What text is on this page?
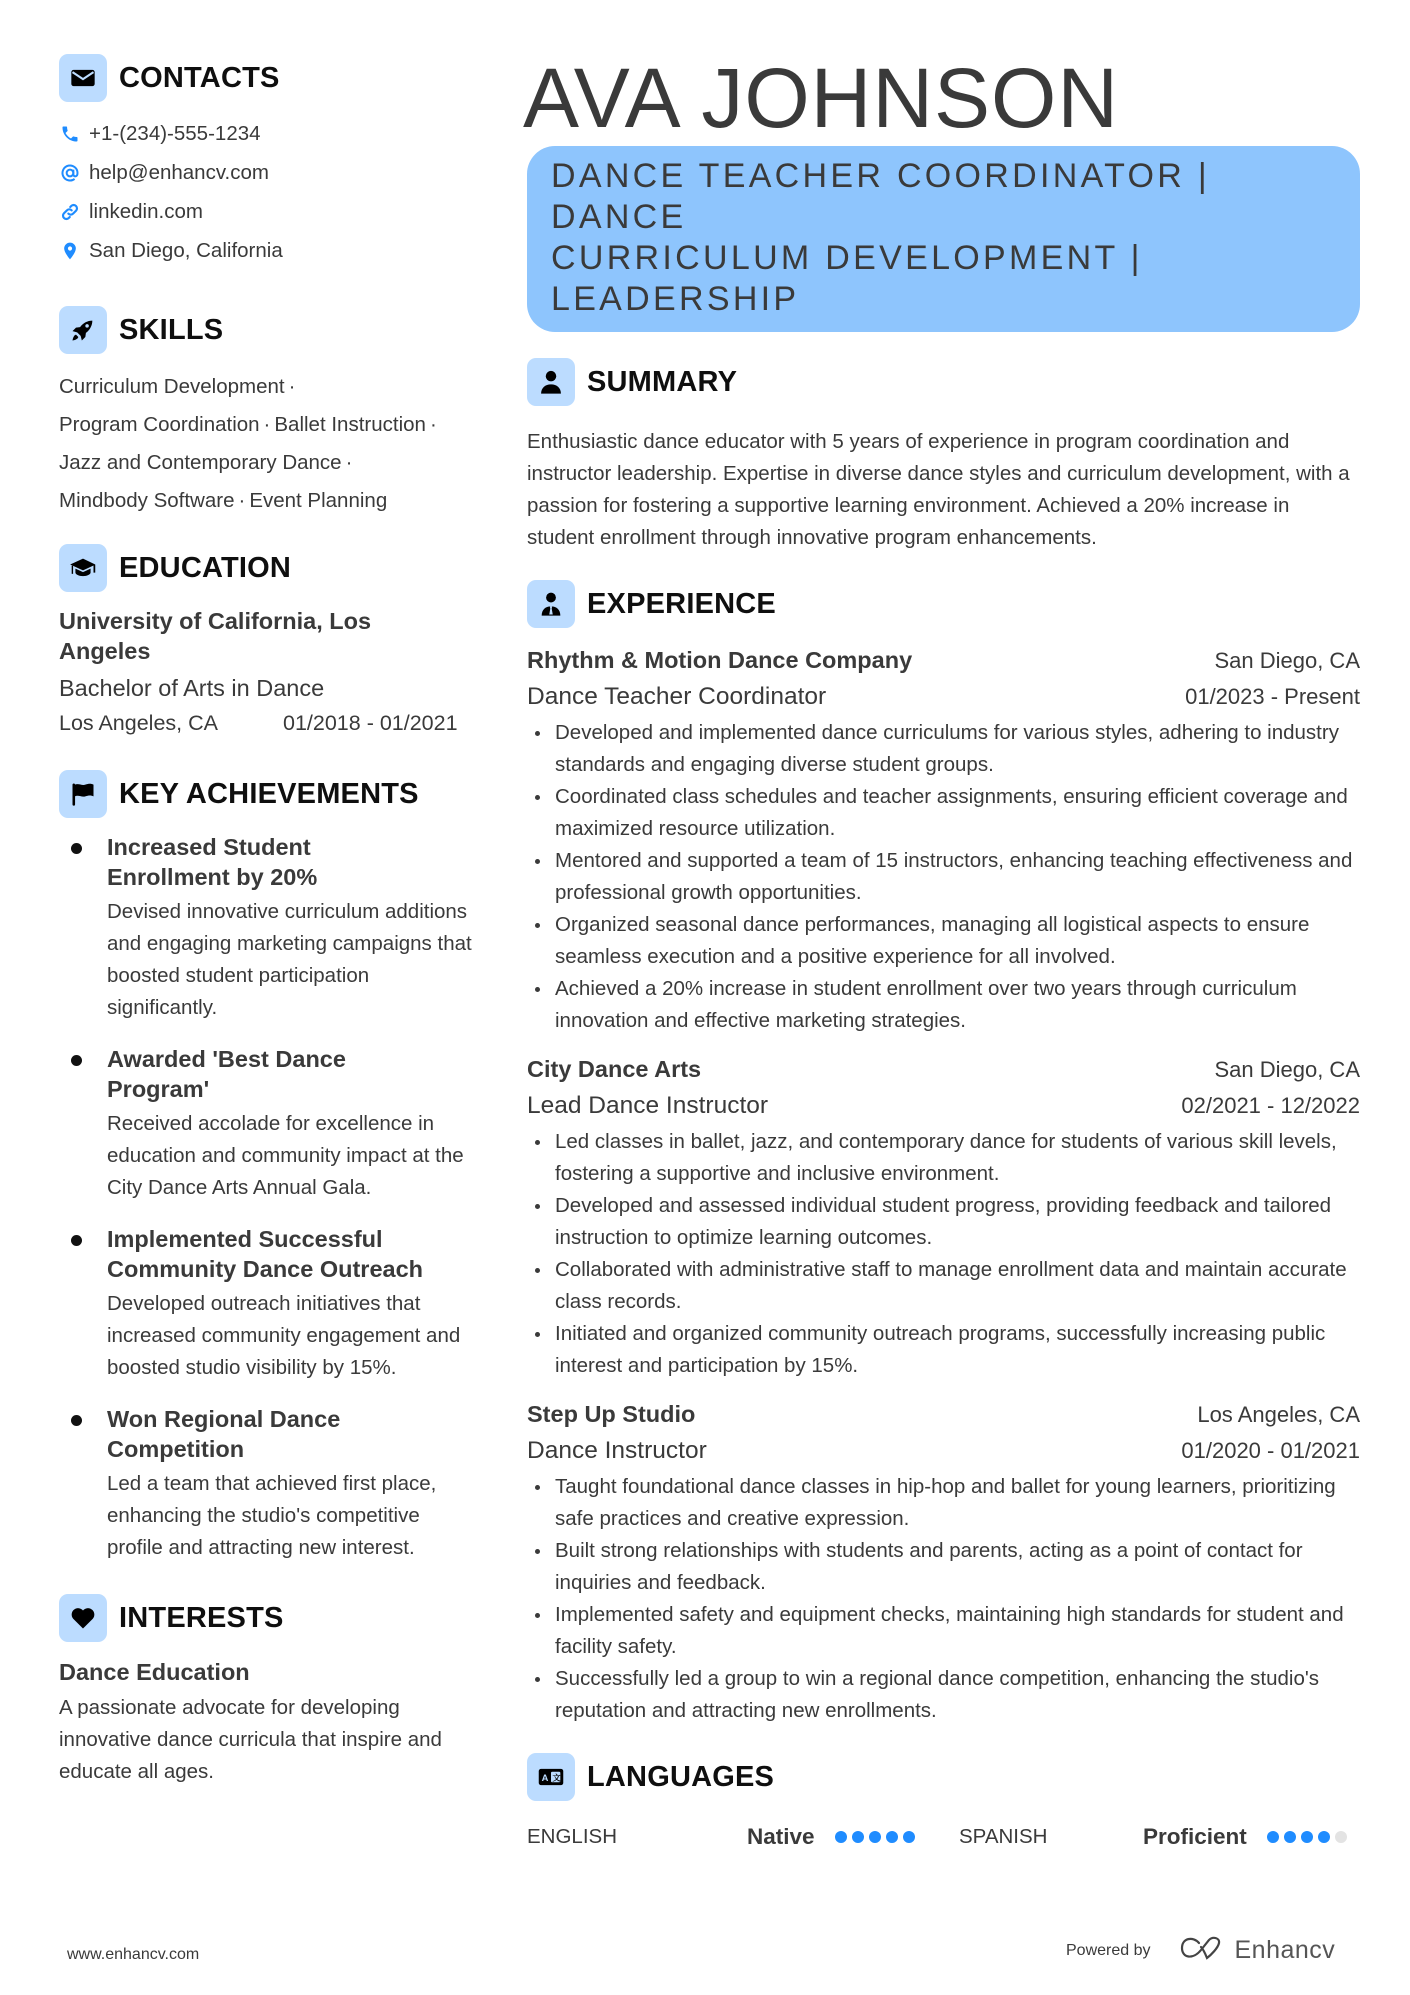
CONTACTS
+1-(234)-555-1234
help@enhancv.com
linkedin.com
San Diego, California
SKILLS
Curriculum Development ·
Program Coordination · Ballet Instruction ·
Jazz and Contemporary Dance ·
Mindbody Software · Event Planning
EDUCATION
University of California, Los Angeles
Bachelor of Arts in Dance
Los Angeles, CA	01/2018 - 01/2021
KEY ACHIEVEMENTS
Increased Student Enrollment by 20%
Devised innovative curriculum additions and engaging marketing campaigns that boosted student participation significantly.
Awarded 'Best Dance Program'
Received accolade for excellence in education and community impact at the City Dance Arts Annual Gala.
Implemented Successful Community Dance Outreach
Developed outreach initiatives that increased community engagement and boosted studio visibility by 15%.
Won Regional Dance Competition
Led a team that achieved first place, enhancing the studio's competitive profile and attracting new interest.
INTERESTS
Dance Education
A passionate advocate for developing innovative dance curricula that inspire and educate all ages.
AVA JOHNSON
DANCE TEACHER COORDINATOR | DANCE
CURRICULUM DEVELOPMENT |
LEADERSHIP
SUMMARY

Enthusiastic dance educator with 5 years of experience in program coordination and instructor leadership. Expertise in diverse dance styles and curriculum development, with a passion for fostering a supportive learning environment. Achieved a 20% increase in student enrollment through innovative program enhancements.

EXPERIENCE
Rhythm & Motion Dance Company	San Diego, CA
Dance Teacher Coordinator	01/2023 - Present
Developed and implemented dance curriculums for various styles, adhering to industry standards and engaging diverse student groups.
Coordinated class schedules and teacher assignments, ensuring efficient coverage and maximized resource utilization.
Mentored and supported a team of 15 instructors, enhancing teaching effectiveness and professional growth opportunities.
Organized seasonal dance performances, managing all logistical aspects to ensure seamless execution and a positive experience for all involved.
Achieved a 20% increase in student enrollment over two years through curriculum innovation and effective marketing strategies.
City Dance Arts	San Diego, CA
Lead Dance Instructor	02/2021 - 12/2022
Led classes in ballet, jazz, and contemporary dance for students of various skill levels, fostering a supportive and inclusive environment.
Developed and assessed individual student progress, providing feedback and tailored instruction to optimize learning outcomes.
Collaborated with administrative staff to manage enrollment data and maintain accurate class records.
Initiated and organized community outreach programs, successfully increasing public interest and participation by 15%.
Step Up Studio	Los Angeles, CA
Dance Instructor	01/2020 - 01/2021
Taught foundational dance classes in hip-hop and ballet for young learners, prioritizing safe practices and creative expression.
Built strong relationships with students and parents, acting as a point of contact for inquiries and feedback.
Implemented safety and equipment checks, maintaining high standards for student and facility safety.
Successfully led a group to win a regional dance competition, enhancing the studio's reputation and attracting new enrollments.
A 文 LANGUAGES
ENGLISH	Native	SPANISH	Proficient
www.enhancv.com	Powered by	Enhancv
